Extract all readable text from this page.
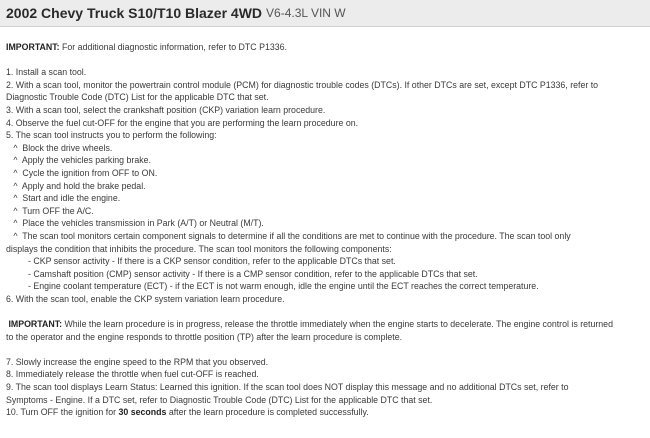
2002 Chevy Truck S10/T10 Blazer 4WD V6-4.3L VIN W
IMPORTANT: For additional diagnostic information, refer to DTC P1336.
1. Install a scan tool.
2. With a scan tool, monitor the powertrain control module (PCM) for diagnostic trouble codes (DTCs). If other DTCs are set, except DTC P1336, refer to
Diagnostic Trouble Code (DTC) List for the applicable DTC that set.
3. With a scan tool, select the crankshaft position (CKP) variation learn procedure.
4. Observe the fuel cut-OFF for the engine that you are performing the learn procedure on.
5. The scan tool instructs you to perform the following:
^  Block the drive wheels.
^  Apply the vehicles parking brake.
^  Cycle the ignition from OFF to ON.
^  Apply and hold the brake pedal.
^  Start and idle the engine.
^  Turn OFF the A/C.
^  Place the vehicles transmission in Park (A/T) or Neutral (M/T).
^  The scan tool monitors certain component signals to determine if all the conditions are met to continue with the procedure. The scan tool only
displays the condition that inhibits the procedure. The scan tool monitors the following components:
- CKP sensor activity - If there is a CKP sensor condition, refer to the applicable DTCs that set.
- Camshaft position (CMP) sensor activity - If there is a CMP sensor condition, refer to the applicable DTCs that set.
- Engine coolant temperature (ECT) - if the ECT is not warm enough, idle the engine until the ECT reaches the correct temperature.
6. With the scan tool, enable the CKP system variation learn procedure.
IMPORTANT: While the learn procedure is in progress, release the throttle immediately when the engine starts to decelerate. The engine control is returned
to the operator and the engine responds to throttle position (TP) after the learn procedure is complete.
7. Slowly increase the engine speed to the RPM that you observed.
8. Immediately release the throttle when fuel cut-OFF is reached.
9. The scan tool displays Learn Status: Learned this ignition. If the scan tool does NOT display this message and no additional DTCs set, refer to
Symptoms - Engine. If a DTC set, refer to Diagnostic Trouble Code (DTC) List for the applicable DTC that set.
10. Turn OFF the ignition for 30 seconds after the learn procedure is completed successfully.
